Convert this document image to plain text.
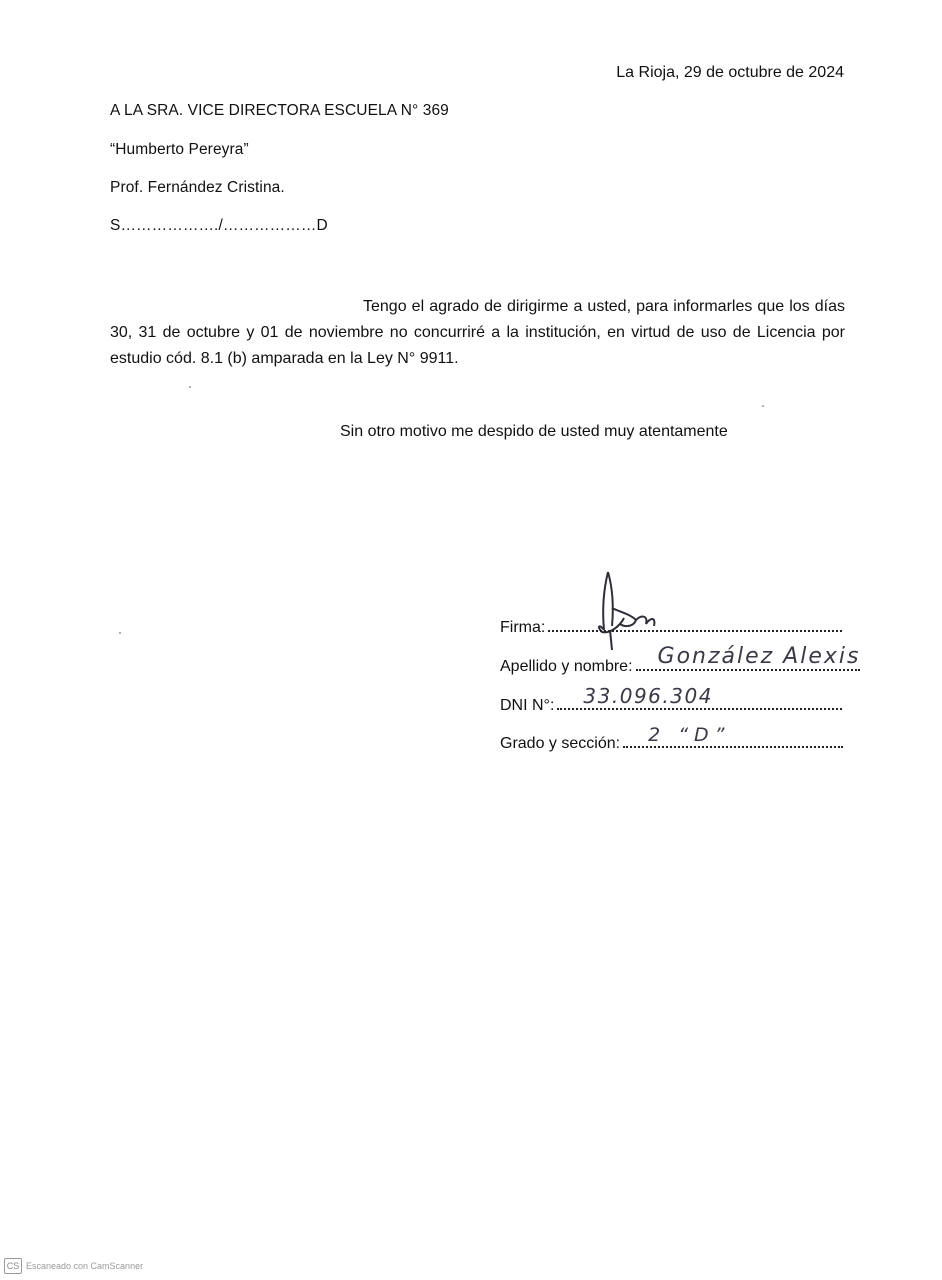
La Rioja, 29 de octubre de 2024
A LA SRA. VICE DIRECTORA ESCUELA N° 369
“Humberto Pereyra”
Prof. Fernández Cristina.
S………………./………………D
Tengo el agrado de dirigirme a usted, para informarles que los días 30, 31 de octubre y 01 de noviembre no concurriré a la institución, en virtud de uso de Licencia por estudio cód. 8.1 (b) amparada en la Ley N° 9911.
Sin otro motivo me despido de usted muy atentamente
Firma:
Apellido y nombre: González Alexis
DNI N°: 33.096.304
Grado y sección: 2 “D”
CS Escaneado con CamScanner
